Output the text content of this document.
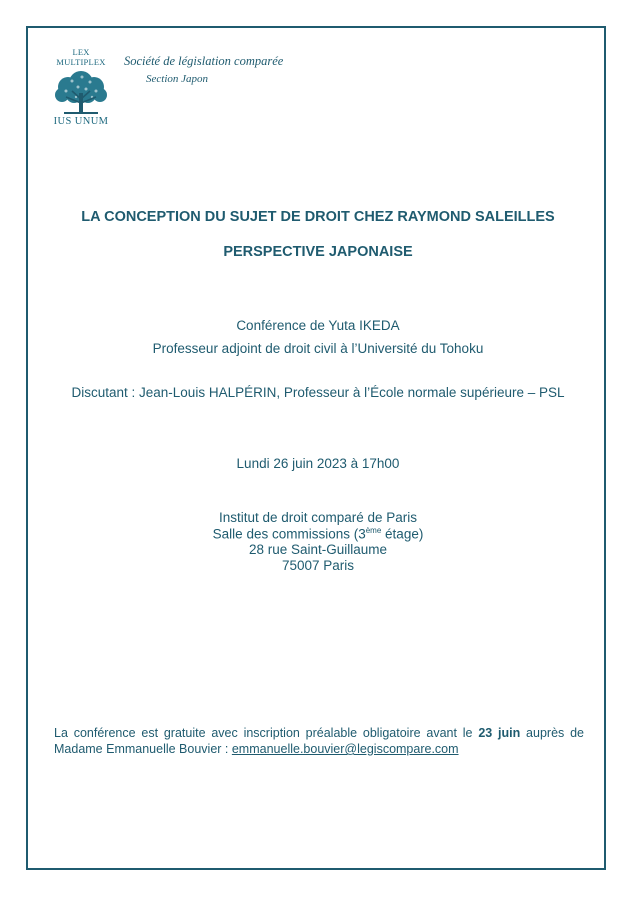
LEX MULTIPLEX
IUS UNUM
Société de législation comparée
Section Japon
LA CONCEPTION DU SUJET DE DROIT CHEZ RAYMOND SALEILLES
PERSPECTIVE JAPONAISE
Conférence de Yuta IKEDA
Professeur adjoint de droit civil à l’Université du Tohoku
Discutant : Jean-Louis HALPÉRIN, Professeur à l’École normale supérieure – PSL
Lundi 26 juin 2023 à 17h00
Institut de droit comparé de Paris
Salle des commissions (3ème étage)
28 rue Saint-Guillaume
75007 Paris
La conférence est gratuite avec inscription préalable obligatoire avant le 23 juin auprès de Madame Emmanuelle Bouvier : emmanuelle.bouvier@legiscompare.com
